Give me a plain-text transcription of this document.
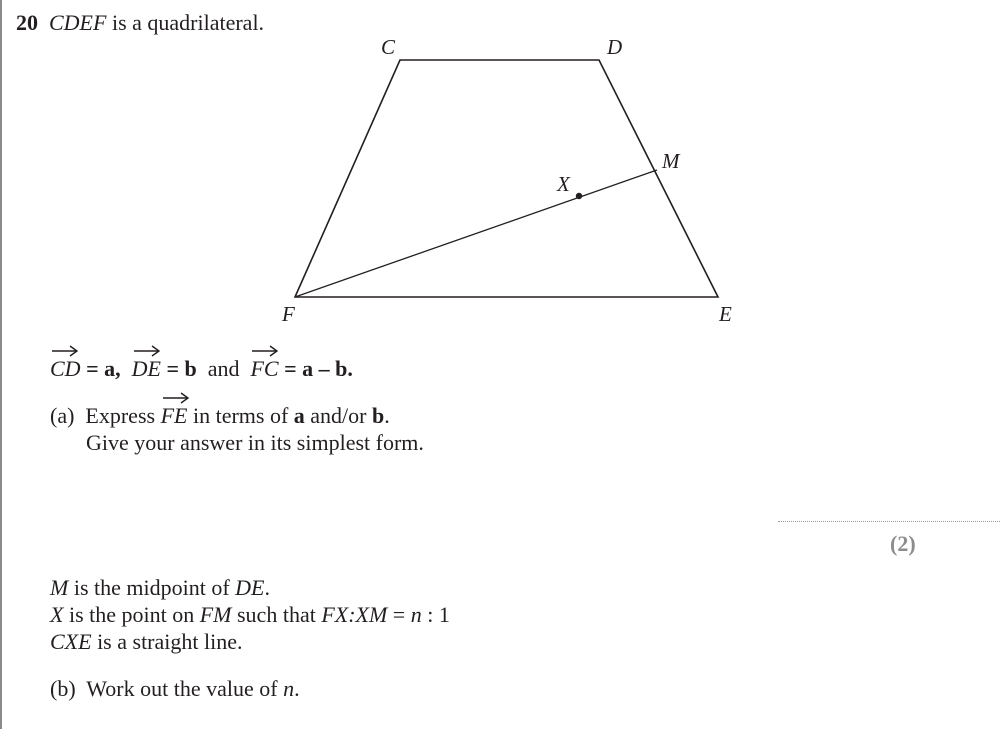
20 CDEF is a quadrilateral.
C	D
M
X
F	E
CD = a, DE = b and FC = a – b.
(a) Express
FE in terms of a and/or b.
Give your answer in its simplest form.
(2)
M is the midpoint of DE.
X is the point on FM such that FX:XM = n : 1
CXE is a straight line.
(b) Work out the value of n.
